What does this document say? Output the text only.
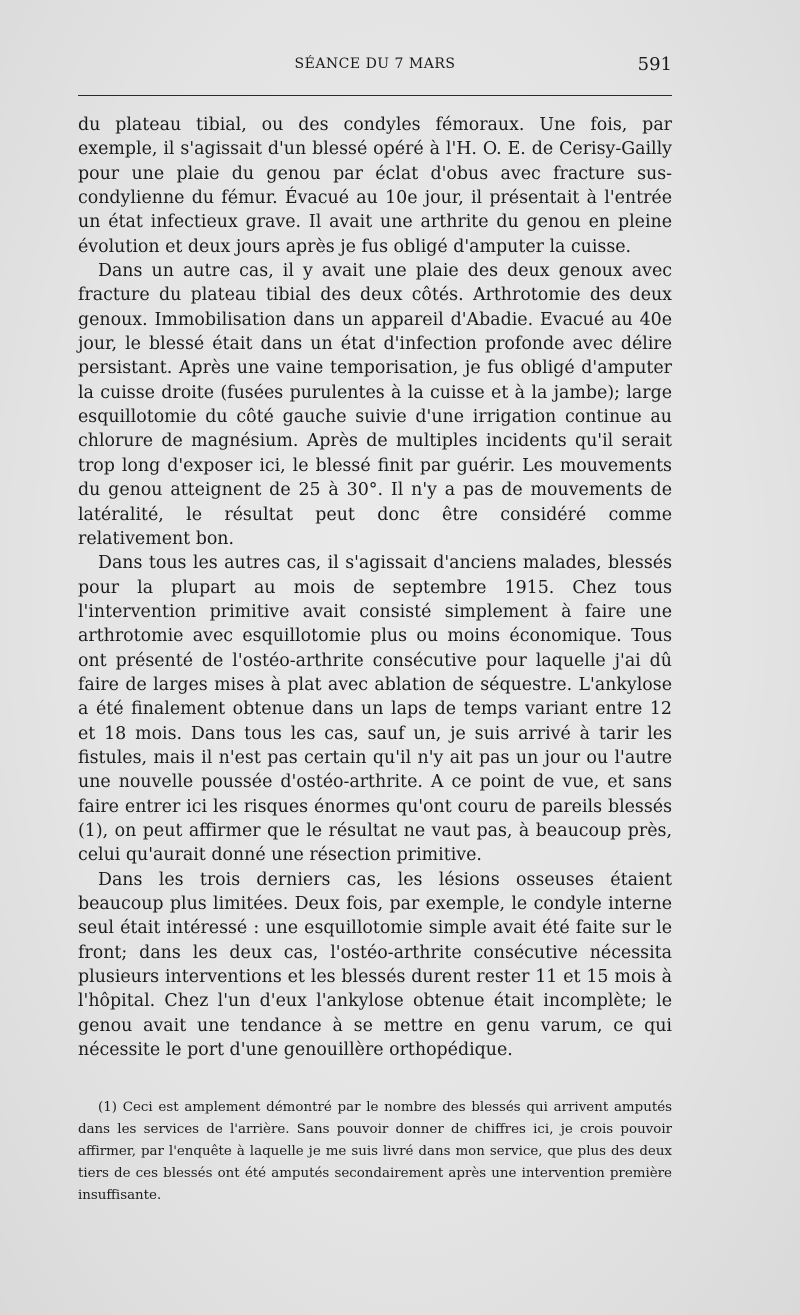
SÉANCE DU 7 MARS	591

du plateau tibial, ou des condyles fémoraux. Une fois, par exemple, il s'agissait d'un blessé opéré à l'H. O. E. de Cerisy-Gailly pour une plaie du genou par éclat d'obus avec fracture sus-condylienne du fémur. Évacué au 10e jour, il présentait à l'entrée un état infectieux grave. Il avait une arthrite du genou en pleine évolution et deux jours après je fus obligé d'amputer la cuisse.

Dans un autre cas, il y avait une plaie des deux genoux avec fracture du plateau tibial des deux côtés. Arthrotomie des deux genoux. Immobilisation dans un appareil d'Abadie. Evacué au 40e jour, le blessé était dans un état d'infection profonde avec délire persistant. Après une vaine temporisation, je fus obligé d'amputer la cuisse droite (fusées purulentes à la cuisse et à la jambe); large esquillotomie du côté gauche suivie d'une irrigation continue au chlorure de magnésium. Après de multiples incidents qu'il serait trop long d'exposer ici, le blessé finit par guérir. Les mouvements du genou atteignent de 25 à 30°. Il n'y a pas de mouvements de latéralité, le résultat peut donc être considéré comme relativement bon.

Dans tous les autres cas, il s'agissait d'anciens malades, blessés pour la plupart au mois de septembre 1915. Chez tous l'intervention primitive avait consisté simplement à faire une arthrotomie avec esquillotomie plus ou moins économique. Tous ont présenté de l'ostéo-arthrite consécutive pour laquelle j'ai dû faire de larges mises à plat avec ablation de séquestre. L'ankylose a été finalement obtenue dans un laps de temps variant entre 12 et 18 mois. Dans tous les cas, sauf un, je suis arrivé à tarir les fistules, mais il n'est pas certain qu'il n'y ait pas un jour ou l'autre une nouvelle poussée d'ostéo-arthrite. A ce point de vue, et sans faire entrer ici les risques énormes qu'ont couru de pareils blessés (1), on peut affirmer que le résultat ne vaut pas, à beaucoup près, celui qu'aurait donné une résection primitive.

Dans les trois derniers cas, les lésions osseuses étaient beaucoup plus limitées. Deux fois, par exemple, le condyle interne seul était intéressé : une esquillotomie simple avait été faite sur le front; dans les deux cas, l'ostéo-arthrite consécutive nécessita plusieurs interventions et les blessés durent rester 11 et 15 mois à l'hôpital. Chez l'un d'eux l'ankylose obtenue était incomplète; le genou avait une tendance à se mettre en genu varum, ce qui nécessite le port d'une genouillère orthopédique.

(1) Ceci est amplement démontré par le nombre des blessés qui arrivent amputés dans les services de l'arrière. Sans pouvoir donner de chiffres ici, je crois pouvoir affirmer, par l'enquête à laquelle je me suis livré dans mon service, que plus des deux tiers de ces blessés ont été amputés secondairement après une intervention première insuffisante.
